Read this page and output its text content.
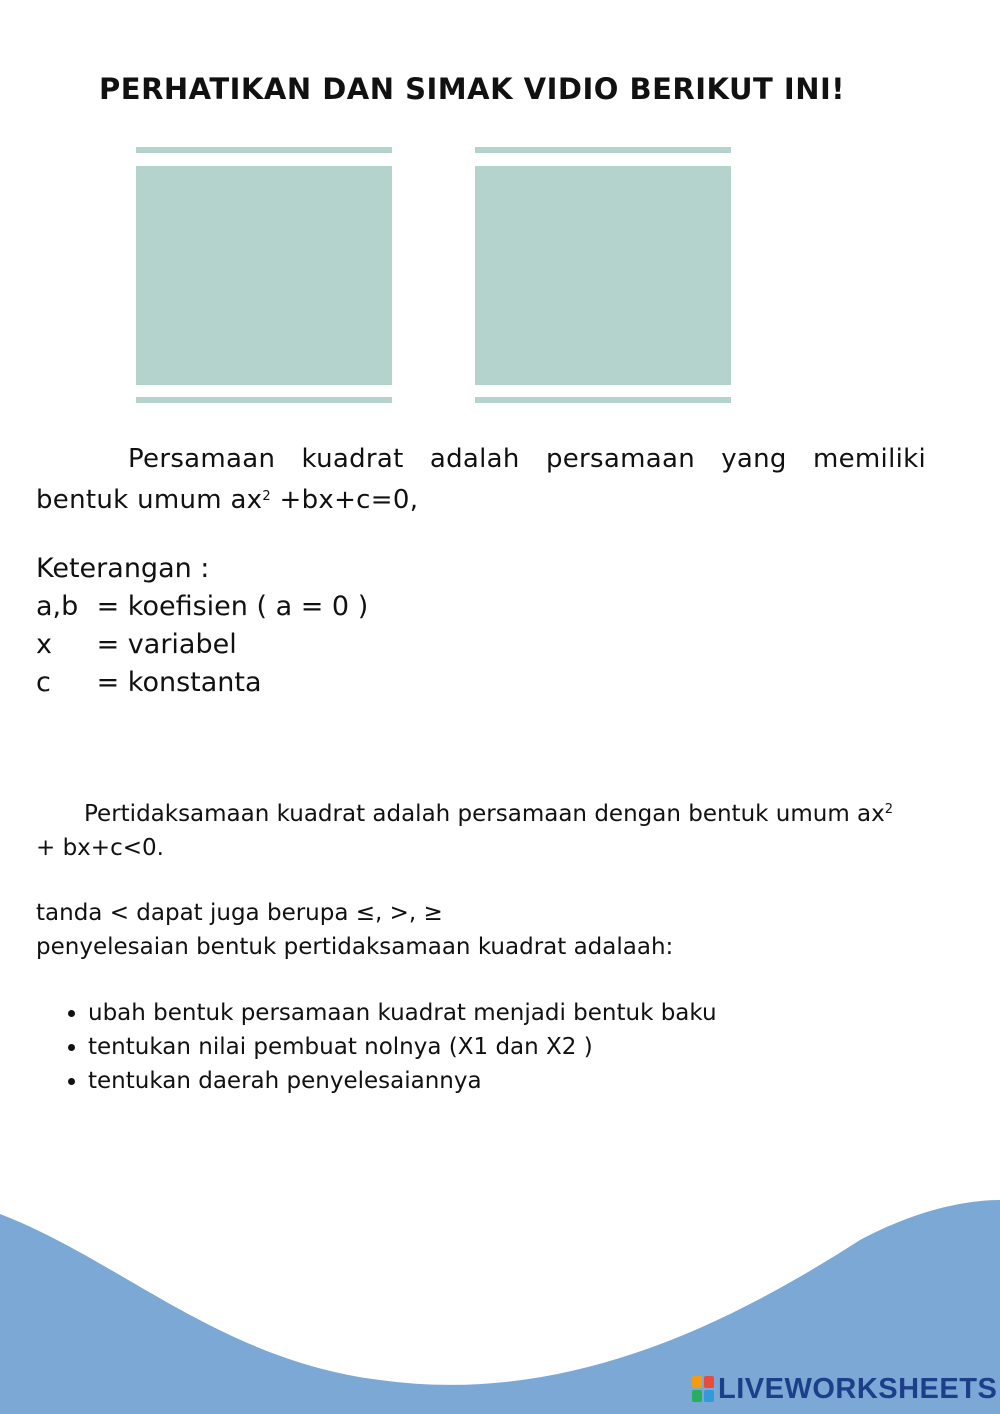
PERHATIKAN DAN SIMAK VIDIO BERIKUT INI!
Persamaan kuadrat adalah persamaan yang memiliki bentuk umum $ax^2 +bx+c=0$,
Keterangan :
a,b = koefisien ( a = 0 )
x = variabel
c = konstanta
Pertidaksamaan kuadrat adalah persamaan dengan bentuk umum $ax^2 + bx+c<0$.
tanda < dapat juga berupa ≤, >, ≥
penyelesaian bentuk pertidaksamaan kuadrat adalaah:
• ubah bentuk persamaan kuadrat menjadi bentuk baku
• tentukan nilai pembuat nolnya (X1 dan X2 )
• tentukan daerah penyelesaiannya
LIVEWORKSHEETS
